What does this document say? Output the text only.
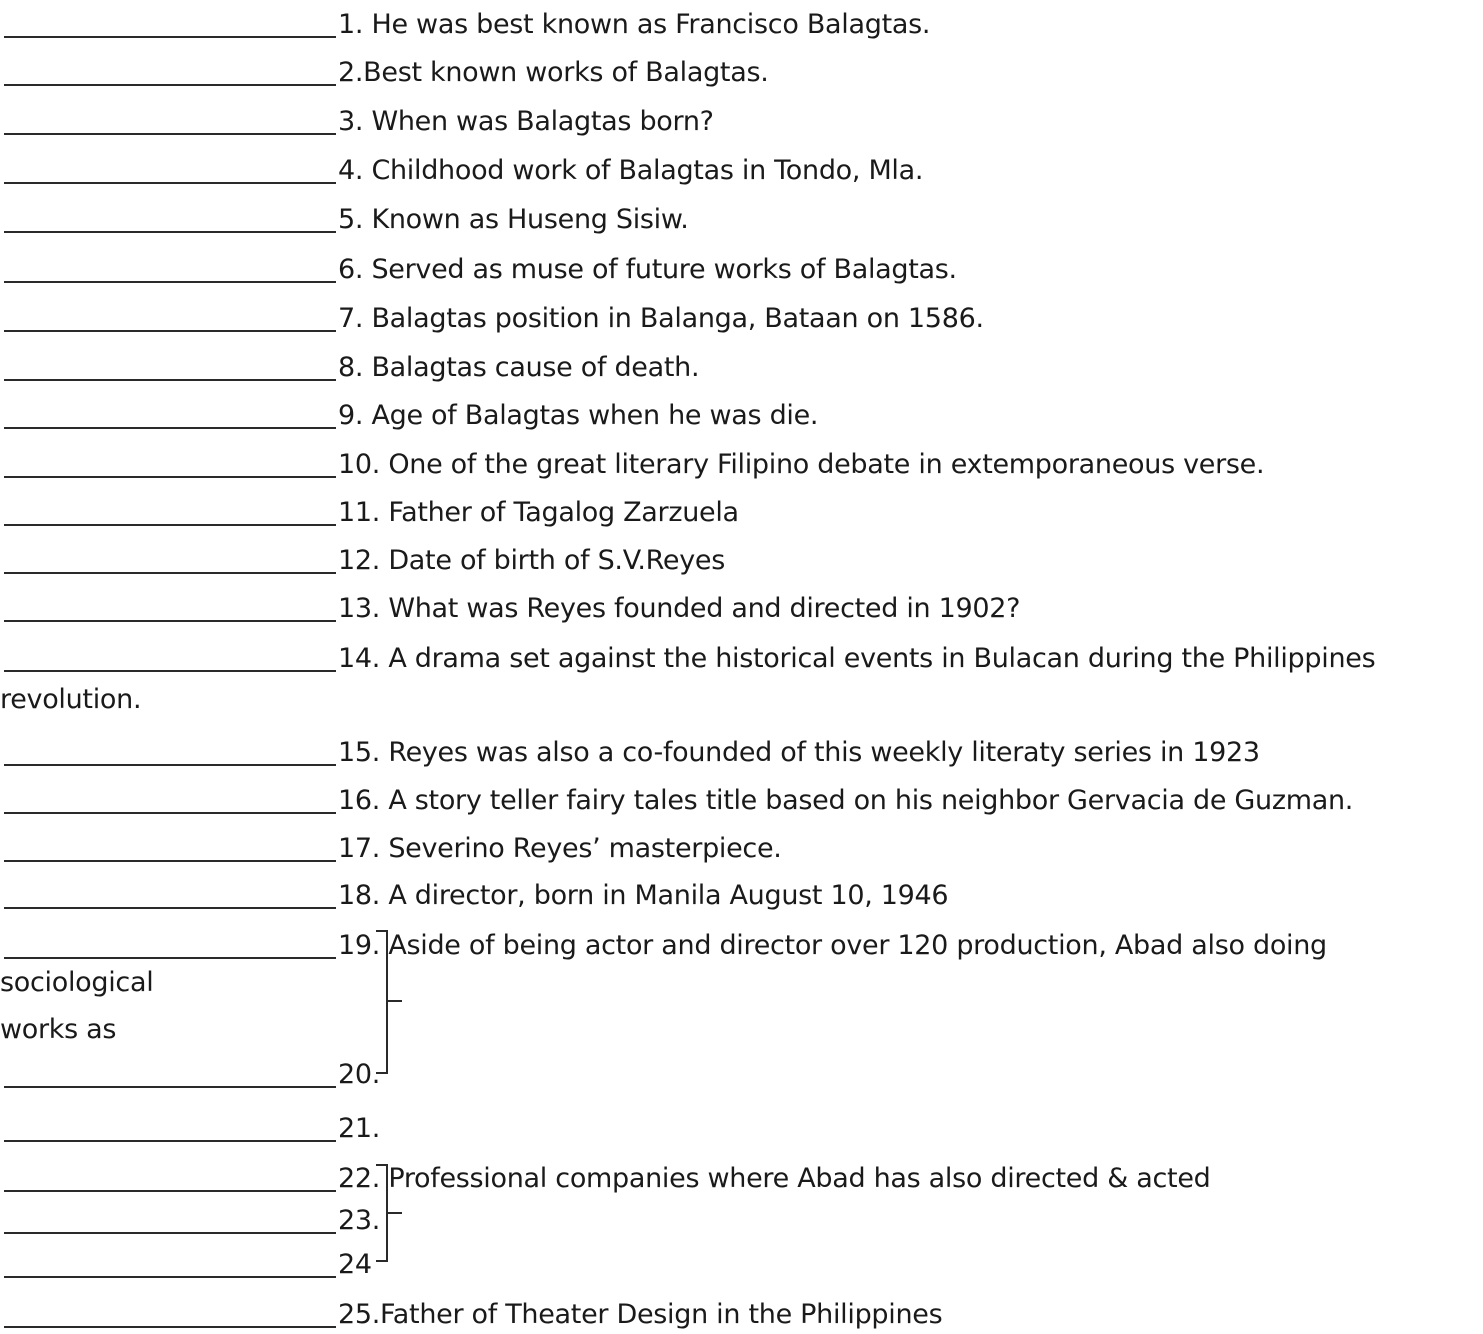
1. He was best known as Francisco Balagtas.
2.Best known works of Balagtas.
3. When was Balagtas born?
4. Childhood work of Balagtas in Tondo, Mla.
5. Known as Huseng Sisiw.
6. Served as muse of future works of Balagtas.
7. Balagtas position in Balanga, Bataan on 1586.
8. Balagtas cause of death.
9. Age of Balagtas when he was die.
10. One of the great literary Filipino debate in extemporaneous verse.
11. Father of Tagalog Zarzuela
12. Date of birth of S.V.Reyes
13. What was Reyes founded and directed in 1902?
14. A drama set against the historical events in Bulacan during the Philippines
revolution.
15. Reyes was also a co-founded of this weekly literaty series in 1923
16. A story teller fairy tales title based on his neighbor Gervacia de Guzman.
17. Severino Reyes’ masterpiece.
18. A director, born in Manila August 10, 1946
19. Aside of being actor and director over 120 production, Abad also doing
sociological
works as
20.
21.
22. Professional companies where Abad has also directed & acted
23.
24
25.Father of Theater Design in the Philippines
